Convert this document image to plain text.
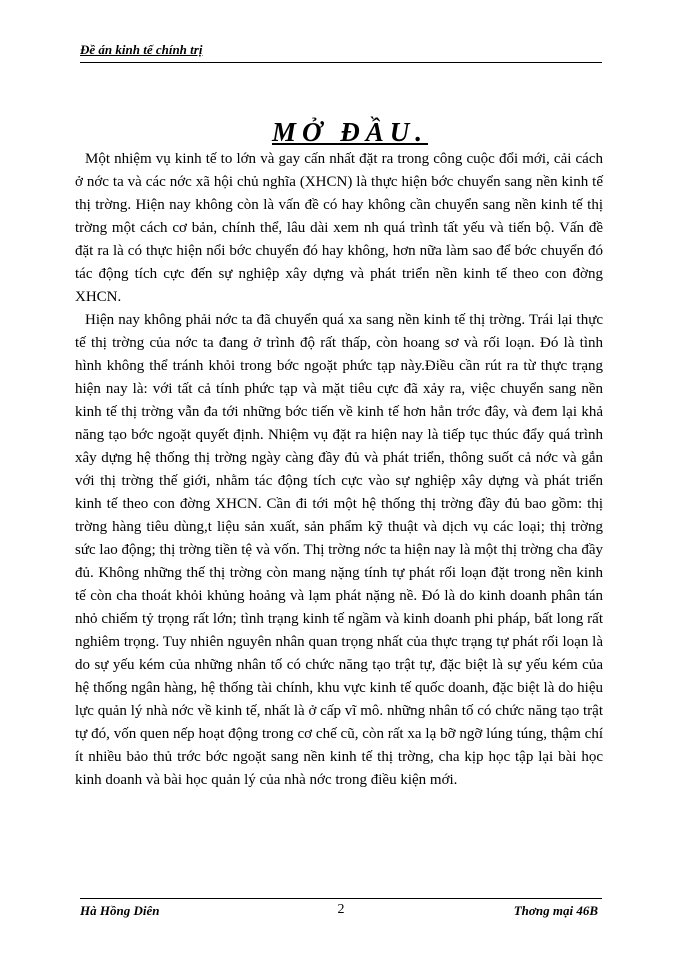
Đề án kinh tế chính trị
MỞ ĐẦU.

Một nhiệm vụ kinh tế to lớn và gay cấn nhất đặt ra trong công cuộc đổi mới, cải cách ở nớc ta và các nớc xã hội chủ nghĩa (XHCN) là thực hiện bớc chuyển sang nền kinh tế thị trờng. Hiện nay không còn là vấn đề có hay không cần chuyển sang nền kinh tế thị trờng một cách cơ bản, chính thể, lâu dài xem nh quá trình tất yếu và tiến bộ. Vấn đề đặt ra là có thực hiện nổi bớc chuyển đó hay không, hơn nữa làm sao để bớc chuyển đó tác động tích cực đến sự nghiệp xây dựng và phát triển nền kinh tế theo con đờng XHCN.

Hiện nay không phải nớc ta đã chuyển quá xa sang nền kinh tế thị trờng. Trái lại thực tế thị trờng của nớc ta đang ở trình độ rất thấp, còn hoang sơ và rối loạn. Đó là tình hình không thể tránh khỏi trong bớc ngoặt phức tạp này.Điều cần rút ra từ thực trạng hiện nay là: với tất cả tính phức tạp và mặt tiêu cực đã xảy ra, việc chuyển sang nền kinh tế thị trờng vẫn đa tới những bớc tiến về kinh tế hơn hẳn trớc đây, và đem lại khả năng tạo bớc ngoặt quyết định. Nhiệm vụ đặt ra hiện nay là tiếp tục thúc đẩy quá trình xây dựng hệ thống thị trờng ngày càng đầy đủ và phát triển, thông suốt cả nớc và gắn với thị trờng thế giới, nhằm tác động tích cực vào sự nghiệp xây dựng và phát triển kinh tế theo con đờng XHCN. Cần đi tới một hệ thống thị trờng đầy đủ bao gồm: thị trờng hàng tiêu dùng,t liệu sản xuất, sản phẩm kỹ thuật và dịch vụ các loại; thị trờng sức lao động; thị trờng tiền tệ và vốn. Thị trờng nớc ta hiện nay là một thị trờng cha đầy đủ. Không những thế thị trờng còn mang nặng tính tự phát rối loạn đặt trong nền kinh tế còn cha thoát khỏi khủng hoảng và lạm phát nặng nề. Đó là do kinh doanh phân tán nhỏ chiếm tỷ trọng rất lớn; tình trạng kinh tế ngầm và kinh doanh phi pháp, bất long rất nghiêm trọng. Tuy nhiên nguyên nhân quan trọng nhất của thực trạng tự phát rối loạn là do sự yếu kém của những nhân tố có chức năng tạo trật tự, đặc biệt là sự yếu kém của hệ thống ngân hàng, hệ thống tài chính, khu vực kinh tế quốc doanh, đặc biệt là do hiệu lực quản lý nhà nớc về kinh tế, nhất là ở cấp vĩ mô. những nhân tố có chức năng tạo trật tự đó, vốn quen nếp hoạt động trong cơ chế cũ, còn rất xa lạ bỡ ngỡ lúng túng, thậm chí ít nhiều bảo thủ trớc bớc ngoặt sang nền kinh tế thị trờng, cha kịp học tập lại bài học kinh doanh và bài học quản lý của nhà nớc trong điều kiện mới.

Hà Hồng Diên	2	Thơng mại 46B
